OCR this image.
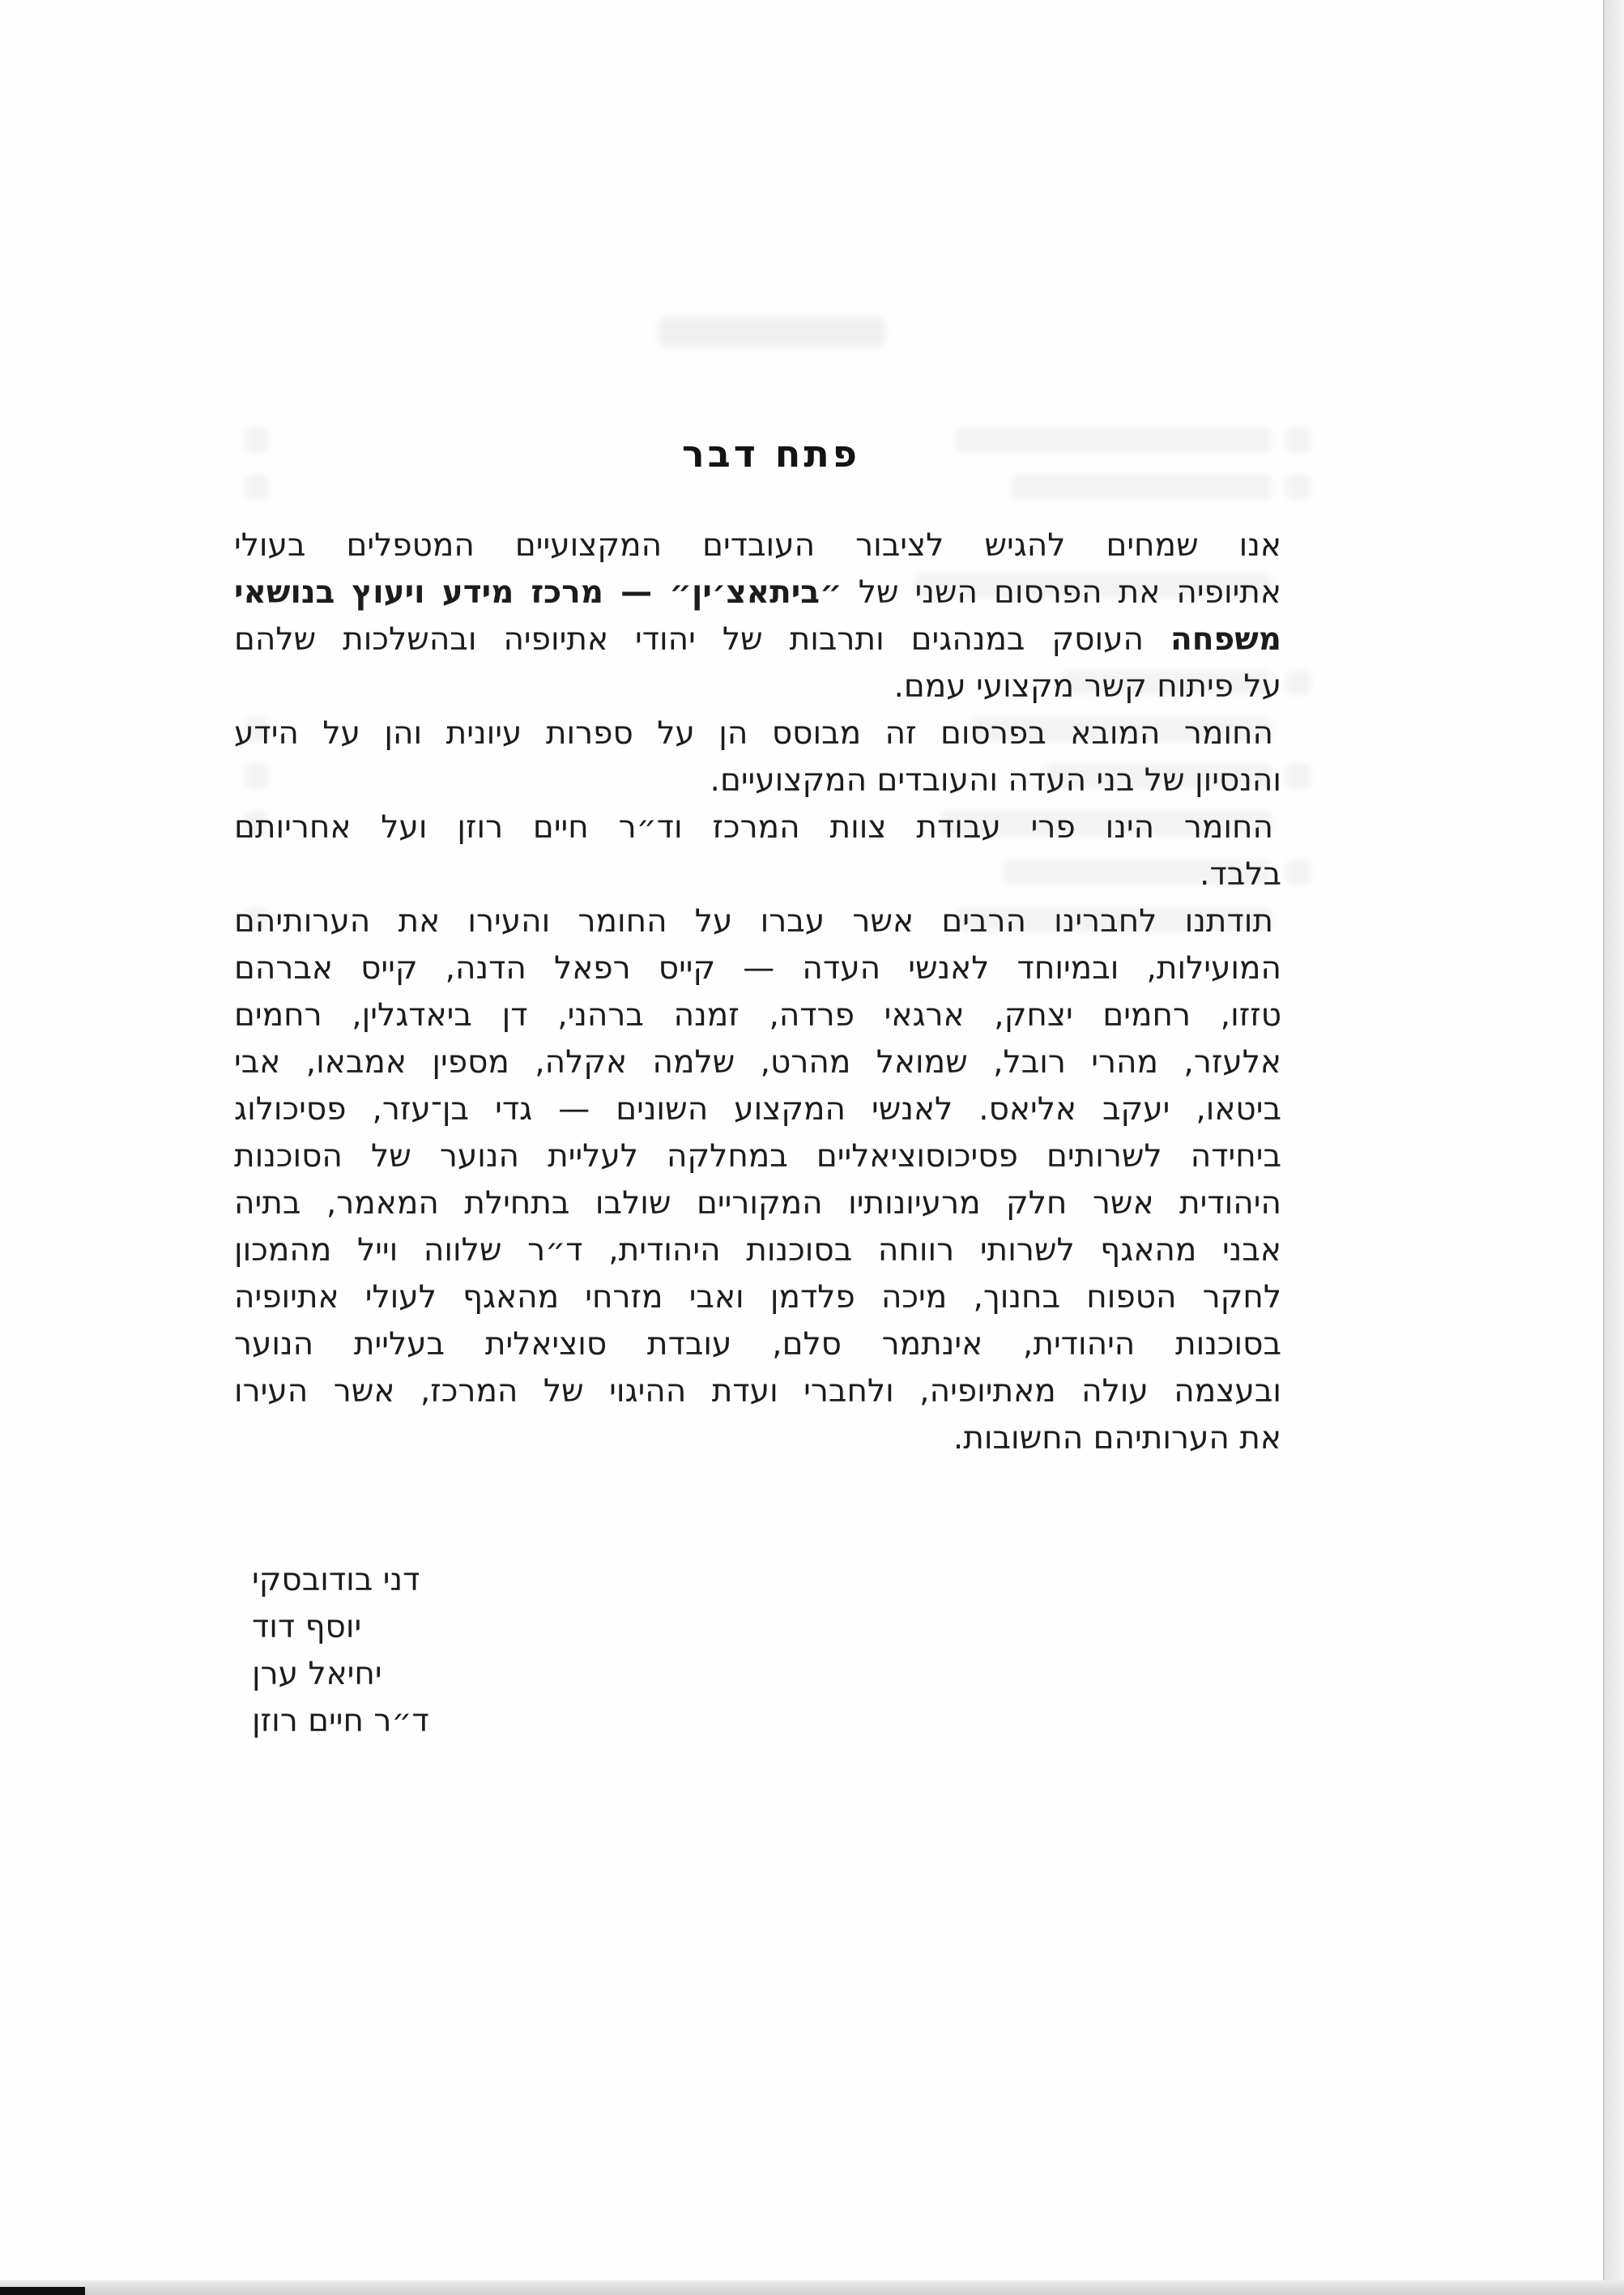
פתח דבר
אנו שמחים להגיש לציבור העובדים המקצועיים המטפלים בעולי
אתיופיה את הפרסום השני של ״ביתאצ׳ין״ — מרכז מידע ויעוץ בנושאי
משפחה העוסק במנהגים ותרבות של יהודי אתיופיה ובהשלכות שלהם
על פיתוח קשר מקצועי עמם.
החומר המובא בפרסום זה מבוסס הן על ספרות עיונית והן על הידע
והנסיון של בני העדה והעובדים המקצועיים.
החומר הינו פרי עבודת צוות המרכז וד״ר חיים רוזן ועל אחריותם
בלבד.
תודתנו לחברינו הרבים אשר עברו על החומר והעירו את הערותיהם
המועילות, ובמיוחד לאנשי העדה — קייס רפאל הדנה, קייס אברהם
טזזו, רחמים יצחק, ארגאי פרדה, זמנה ברהני, דן ביאדגלין, רחמים
אלעזר, מהרי רובל, שמואל מהרט, שלמה אקלה, מספין אמבאו, אבי
ביטאו, יעקב אליאס. לאנשי המקצוע השונים — גדי בן־עזר, פסיכולוג
ביחידה לשרותים פסיכוסוציאליים במחלקה לעליית הנוער של הסוכנות
היהודית אשר חלק מרעיונותיו המקוריים שולבו בתחילת המאמר, בתיה
אבני מהאגף לשרותי רווחה בסוכנות היהודית, ד״ר שלווה וייל מהמכון
לחקר הטפוח בחנוך, מיכה פלדמן ואבי מזרחי מהאגף לעולי אתיופיה
בסוכנות היהודית, אינתמר סלם, עובדת סוציאלית בעליית הנוער
ובעצמה עולה מאתיופיה, ולחברי ועדת ההיגוי של המרכז, אשר העירו
את הערותיהם החשובות.
דני בודובסקי
יוסף דוד
יחיאל ערן
ד״ר חיים רוזן
